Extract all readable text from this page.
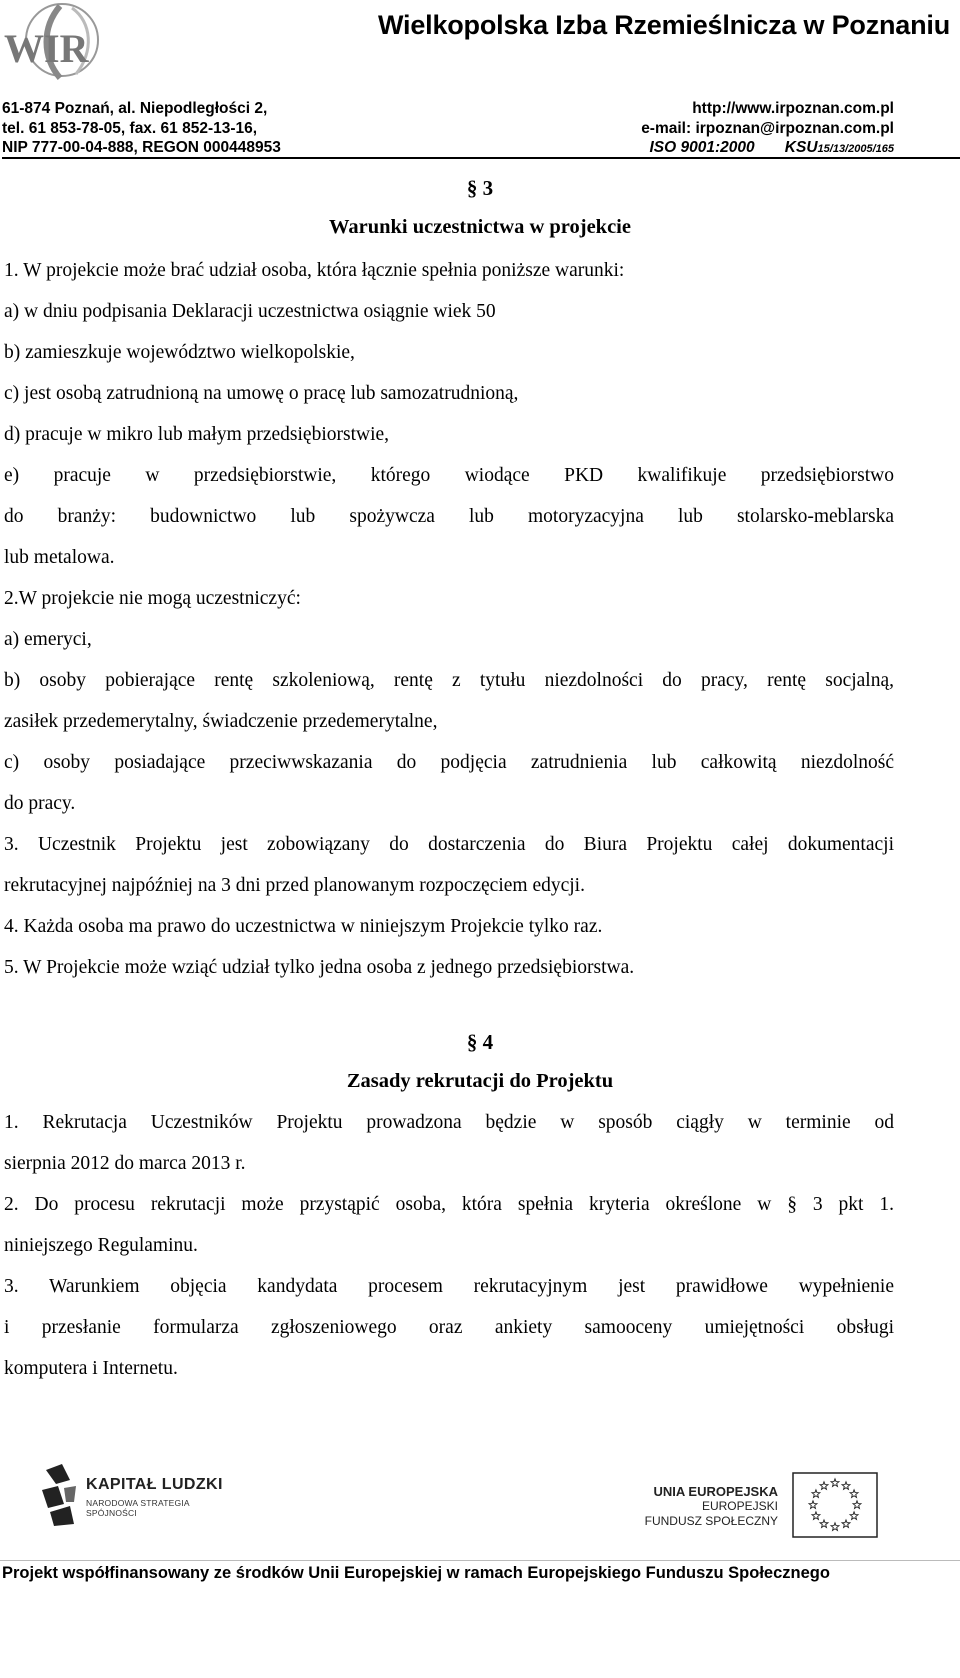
WIR
Wielkopolska Izba Rzemieślnicza w Poznaniu
61-874 Poznań, al. Niepodległości 2,
tel. 61 853-78-05, fax. 61 852-13-16,
NIP 777-00-04-888, REGON 000448953
http://www.irpoznan.com.pl
e-mail: irpoznan@irpoznan.com.pl
ISO 9001:2000 KSU15/13/2005/165
§ 3
Warunki uczestnictwa w projekcie
1. W projekcie może brać udział osoba, która łącznie spełnia poniższe warunki:
a) w dniu podpisania Deklaracji uczestnictwa osiągnie wiek 50
b) zamieszkuje województwo wielkopolskie,
c) jest osobą zatrudnioną na umowę o pracę lub samozatrudnioną,
d) pracuje w mikro lub małym przedsiębiorstwie,
e) pracuje w przedsiębiorstwie, którego wiodące PKD kwalifikuje przedsiębiorstwo
do branży: budownictwo lub spożywcza lub motoryzacyjna lub stolarsko-meblarska
lub metalowa.
2.W projekcie nie mogą uczestniczyć:
a) emeryci,
b) osoby pobierające rentę szkoleniową, rentę z tytułu niezdolności do pracy, rentę socjalną,
zasiłek przedemerytalny, świadczenie przedemerytalne,
c) osoby posiadające przeciwwskazania do podjęcia zatrudnienia lub całkowitą niezdolność
do pracy.
3. Uczestnik Projektu jest zobowiązany do dostarczenia do Biura Projektu całej dokumentacji
rekrutacyjnej najpóźniej na 3 dni przed planowanym rozpoczęciem edycji.
4. Każda osoba ma prawo do uczestnictwa w niniejszym Projekcie tylko raz.
5. W Projekcie może wziąć udział tylko jedna osoba z jednego przedsiębiorstwa.
§ 4
Zasady rekrutacji do Projektu
1. Rekrutacja Uczestników Projektu prowadzona będzie w sposób ciągły w terminie od
sierpnia 2012 do marca 2013 r.
2. Do procesu rekrutacji może przystąpić osoba, która spełnia kryteria określone w § 3 pkt 1.
niniejszego Regulaminu.
3. Warunkiem objęcia kandydata procesem rekrutacyjnym jest prawidłowe wypełnienie
i przesłanie formularza zgłoszeniowego oraz ankiety samooceny umiejętności obsługi
komputera i Internetu.
KAPITAŁ LUDZKI
NARODOWA STRATEGIA SPÓJNOŚCI
UNIA EUROPEJSKA
EUROPEJSKI
FUNDUSZ SPOŁECZNY
Projekt współfinansowany ze środków Unii Europejskiej w ramach Europejskiego Funduszu Społecznego
